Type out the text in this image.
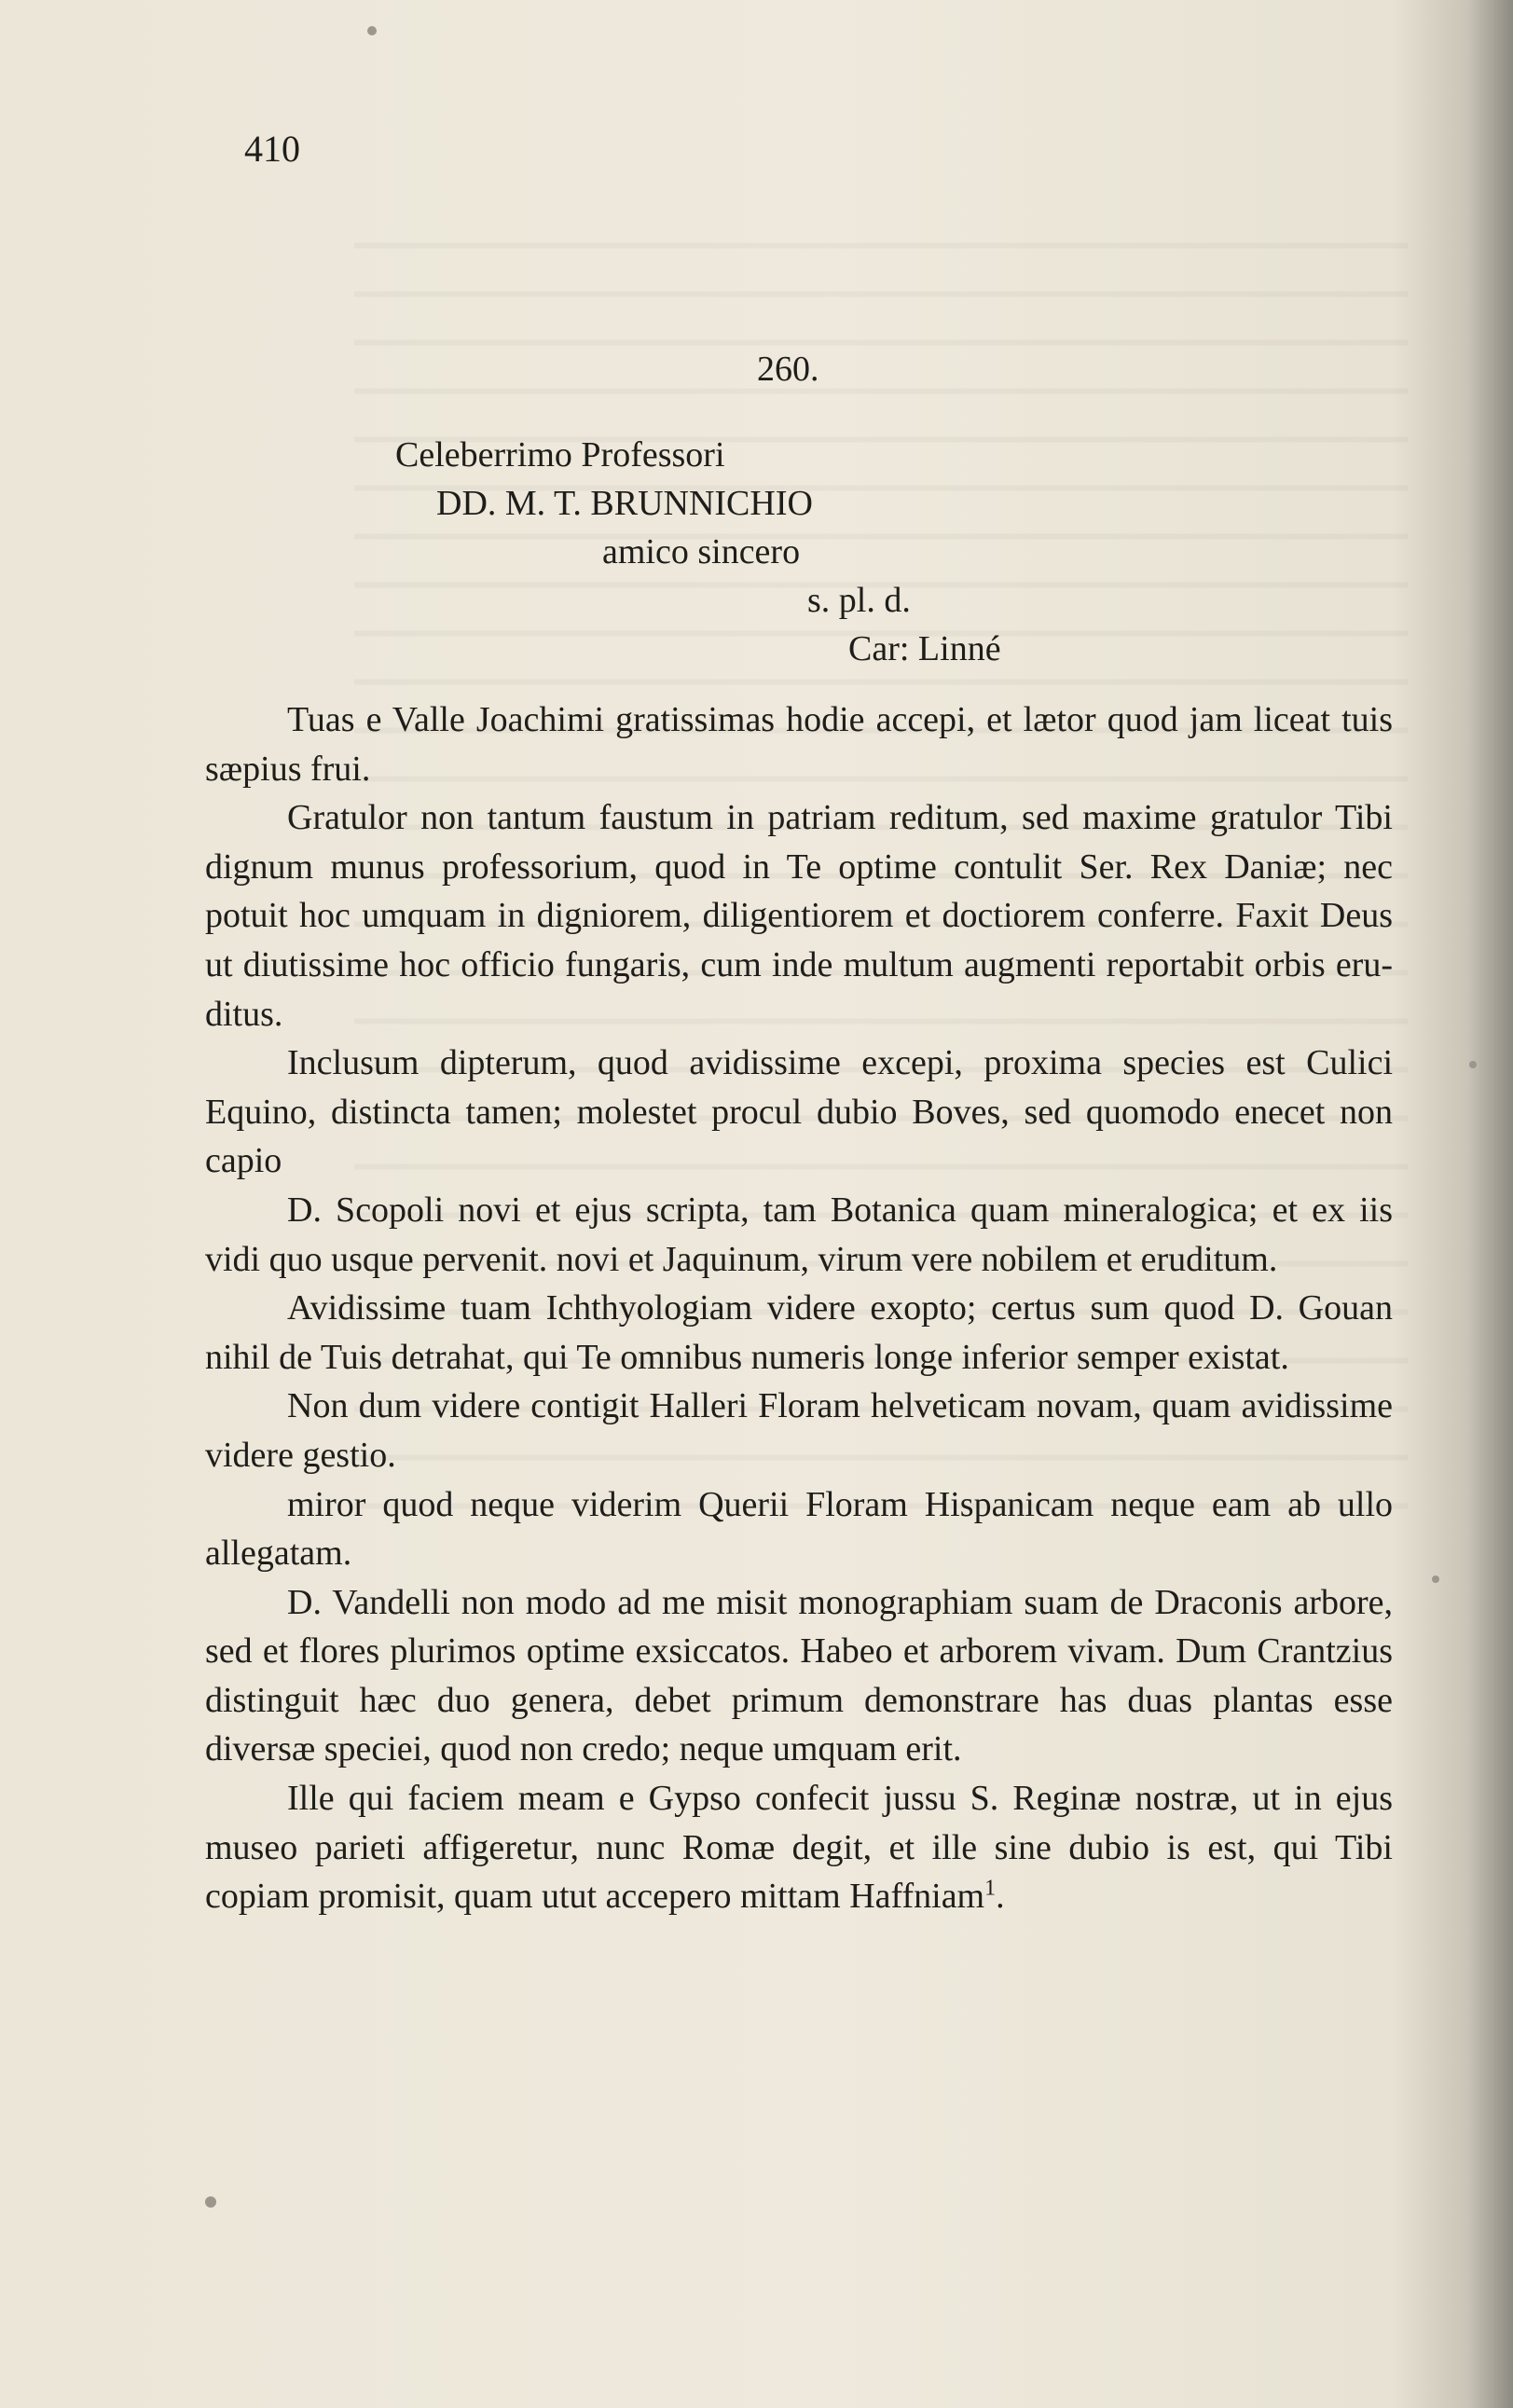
410
260.
Celeberrimo Professori
DD. M. T. BRUNNICHIO
amico sincero
s. pl. d.
Car: Linné

Tuas e Valle Joachimi gratissimas hodie accepi, et lætor quod jam liceat tuis sæpius frui.

Gratulor non tantum faustum in patriam reditum, sed maxime gratulor Tibi dignum munus professorium, quod in Te optime contulit Ser. Rex Daniæ; nec potuit hoc umquam in digniorem, diligentiorem et doctiorem conferre. Faxit Deus ut diutissime hoc officio fungaris, cum inde multum augmenti reportabit orbis eruditus.

Inclusum dipterum, quod avidissime excepi, proxima species est Culici Equino, distincta tamen; molestet procul dubio Boves, sed quomodo enecet non capio

D. Scopoli novi et ejus scripta, tam Botanica quam mineralogica; et ex iis vidi quo usque pervenit. novi et Jaquinum, virum vere nobilem et eruditum.

Avidissime tuam Ichthyologiam videre exopto; certus sum quod D. Gouan nihil de Tuis detrahat, qui Te omnibus numeris longe inferior semper existat.

Non dum videre contigit Halleri Floram helveticam novam, quam avidissime videre gestio.

miror quod neque viderim Querii Floram Hispanicam neque eam ab ullo allegatam.

D. Vandelli non modo ad me misit monographiam suam de Draconis arbore, sed et flores plurimos optime exsiccatos. Habeo et arborem vivam. Dum Crantzius distinguit hæc duo genera, debet primum demonstrare has duas plantas esse diversæ speciei, quod non credo; neque umquam erit.

Ille qui faciem meam e Gypso confecit jussu S. Reginæ nostræ, ut in ejus museo parieti affigeretur, nunc Romæ degit, et ille sine dubio is est, qui Tibi copiam promisit, quam utut accepero mittam Haffniam$^1$.
